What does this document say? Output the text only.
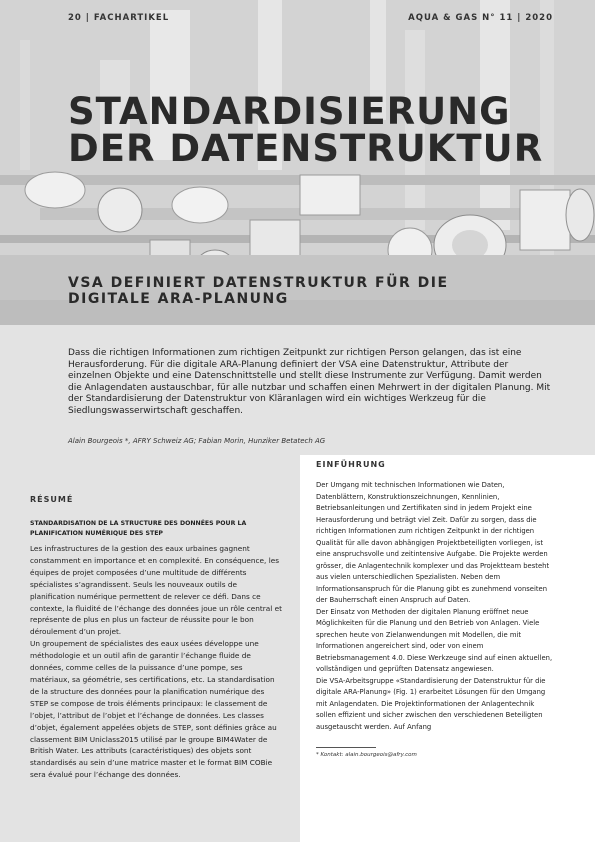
20 | FACHARTIKEL	AQUA & GAS N° 11 | 2020
STANDARDISIERUNG DER DATENSTRUKTUR
VSA DEFINIERT DATENSTRUKTUR FÜR DIE DIGITALE ARA-PLANUNG
Dass die richtigen Informationen zum richtigen Zeitpunkt zur richtigen Person gelangen, das ist eine Herausforderung. Für die digitale ARA-Planung definiert der VSA eine Datenstruktur, Attribute der einzelnen Objekte und eine Datenschnittstelle und stellt diese Instrumente zur Verfügung. Damit werden die Anlagendaten austauschbar, für alle nutzbar und schaffen einen Mehrwert in der digitalen Planung. Mit der Standardisierung der Datenstruktur von Kläranlagen wird ein wichtiges Werkzeug für die Siedlungswasserwirtschaft geschaffen.
Alain Bourgeois *, AFRY Schweiz AG; Fabian Morin, Hunziker Betatech AG
RÉSUMÉ
STANDARDISATION DE LA STRUCTURE DES DONNÉES POUR LA PLANIFICATION NUMÉRIQUE DES STEP

Les infrastructures de la gestion des eaux urbaines gagnent constamment en importance et en complexité. En conséquence, les équipes de projet composées d’une multitude de différents spécialistes s’agrandissent. Seuls les nouveaux outils de planification numérique permettent de relever ce défi. Dans ce contexte, la fluidité de l’échange des données joue un rôle central et représente de plus en plus un facteur de réussite pour le bon déroulement d’un projet.

Un groupement de spécialistes des eaux usées développe une méthodologie et un outil afin de garantir l’échange fluide de données, comme celles de la puissance d’une pompe, ses matériaux, sa géométrie, ses certifications, etc. La standardisation de la structure des données pour la planification numérique des STEP se compose de trois éléments principaux: le classement de l’objet, l’attribut de l’objet et l’échange de données. Les classes d’objet, également appelées objets de STEP, sont définies grâce au classement BIM Uniclass2015 utilisé par le groupe BIM4Water de British Water. Les attributs (caractéristiques) des objets sont standardisés au sein d’une matrice master et le format BIM COBie sera évalué pour l’échange des données.

EINFÜHRUNG

Der Umgang mit technischen Informationen wie Daten, Datenblättern, Konstruktionszeichnungen, Kennlinien, Betriebsanleitungen und Zertifikaten sind in jedem Projekt eine Herausforderung und beträgt viel Zeit. Dafür zu sorgen, dass die richtigen Informationen zum richtigen Zeitpunkt in der richtigen Qualität für alle davon abhängigen Projektbeteiligten vorliegen, ist eine anspruchsvolle und zeitintensive Aufgabe. Die Projekte werden grösser, die Anlagentechnik komplexer und das Projektteam besteht aus vielen unterschiedlichen Spezialisten. Neben dem Informationsanspruch für die Planung gibt es zunehmend vonseiten der Bauherrschaft einen Anspruch auf Daten.

Der Einsatz von Methoden der digitalen Planung eröffnet neue Möglichkeiten für die Planung und den Betrieb von Anlagen. Viele sprechen heute von Zielanwendungen mit Modellen, die mit Informationen angereichert sind, oder von einem Betriebsmanagement 4.0. Diese Werkzeuge sind auf einen aktuellen, vollständigen und geprüften Datensatz angewiesen.

Die VSA-Arbeitsgruppe «Standardisierung der Datenstruktur für die digitale ARA-Planung» (Fig. 1) erarbeitet Lösungen für den Umgang mit Anlagendaten. Die Projektinformationen der Anlagentechnik sollen effizient und sicher zwischen den verschiedenen Beteiligten ausgetauscht werden. Auf Anfang

* Kontakt: alain.bourgeois@afry.com
